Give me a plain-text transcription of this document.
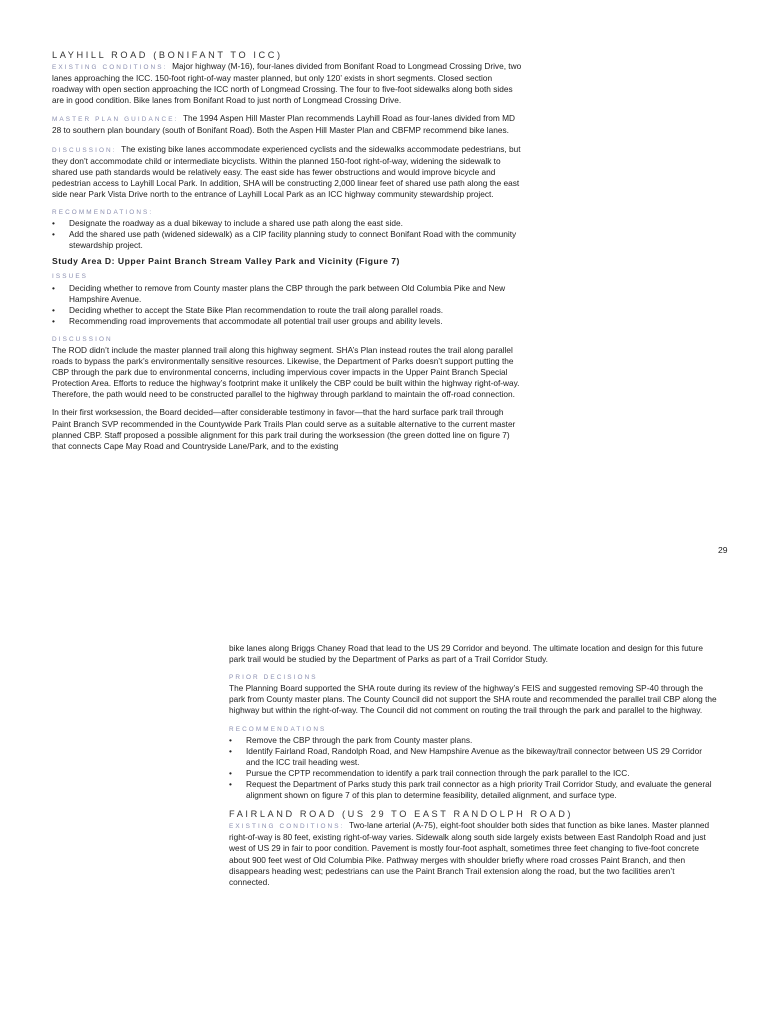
LAYHILL ROAD (BONIFANT TO ICC)

EXISTING CONDITIONS: Major highway (M-16), four-lanes divided from Bonifant Road to Longmead Crossing Drive, two lanes approaching the ICC. 150-foot right-of-way master planned, but only 120’ exists in short segments. Closed section roadway with open section approaching the ICC north of Longmead Crossing. The four to five-foot sidewalks along both sides are in good condition. Bike lanes from Bonifant Road to just north of Longmead Crossing Drive.

MASTER PLAN GUIDANCE: The 1994 Aspen Hill Master Plan recommends Layhill Road as four-lanes divided from MD 28 to southern plan boundary (south of Bonifant Road). Both the Aspen Hill Master Plan and CBFMP recommend bike lanes.

DISCUSSION: The existing bike lanes accommodate experienced cyclists and the sidewalks accommodate pedestrians, but they don’t accommodate child or intermediate bicyclists. Within the planned 150-foot right-of-way, widening the sidewalk to shared use path standards would be relatively easy. The east side has fewer obstructions and would improve bicycle and pedestrian access to Layhill Local Park. In addition, SHA will be constructing 2,000 linear feet of shared use path along the east side near Park Vista Drive north to the entrance of Layhill Local Park as an ICC highway community stewardship project.

RECOMMENDATIONS:
• Designate the roadway as a dual bikeway to include a shared use path along the east side.
• Add the shared use path (widened sidewalk) as a CIP facility planning study to connect Bonifant Road with the community stewardship project.

Study Area D: Upper Paint Branch Stream Valley Park and Vicinity (Figure 7)

ISSUES
• Deciding whether to remove from County master plans the CBP through the park between Old Columbia Pike and New Hampshire Avenue.
• Deciding whether to accept the State Bike Plan recommendation to route the trail along parallel roads.
• Recommending road improvements that accommodate all potential trail user groups and ability levels.
DISCUSSION

The ROD didn’t include the master planned trail along this highway segment. SHA’s Plan instead routes the trail along parallel roads to bypass the park’s environmentally sensitive resources. Likewise, the Department of Parks doesn’t support putting the CBP through the park due to environmental concerns, including impervious cover impacts in the Upper Paint Branch Special Protection Area. Efforts to reduce the highway’s footprint make it unlikely the CBP could be built within the highway right-of-way. Therefore, the path would need to be constructed parallel to the highway through parkland to maintain the off-road connection.

In their first worksession, the Board decided—after considerable testimony in favor—that the hard surface park trail through Paint Branch SVP recommended in the Countywide Park Trails Plan could serve as a suitable alternative to the current master planned CBP. Staff proposed a possible alignment for this park trail during the worksession (the green dotted line on figure 7) that connects Cape May Road and Countryside Lane/Park, and to the existing

29

bike lanes along Briggs Chaney Road that lead to the US 29 Corridor and beyond. The ultimate location and design for this future park trail would be studied by the Department of Parks as part of a Trail Corridor Study.

PRIOR DECISIONS

The Planning Board supported the SHA route during its review of the highway’s FEIS and suggested removing SP-40 through the park from County master plans. The County Council did not support the SHA route and recommended the parallel trail CBP along the highway but within the right-of-way. The Council did not comment on routing the trail through the park and parallel to the highway.

RECOMMENDATIONS
• Remove the CBP through the park from County master plans.
• Identify Fairland Road, Randolph Road, and New Hampshire Avenue as the bikeway/trail connector between US 29 Corridor and the ICC trail heading west.
• Pursue the CPTP recommendation to identify a park trail connection through the park parallel to the ICC.
• Request the Department of Parks study this park trail connector as a high priority Trail Corridor Study, and evaluate the general alignment shown on figure 7 of this plan to determine feasibility, detailed alignment, and surface type.

FAIRLAND ROAD (US 29 TO EAST RANDOLPH ROAD)

EXISTING CONDITIONS: Two-lane arterial (A-75), eight-foot shoulder both sides that function as bike lanes. Master planned right-of-way is 80 feet, existing right-of-way varies. Sidewalk along south side largely exists between East Randolph Road and just west of US 29 in fair to poor condition. Pavement is mostly four-foot asphalt, sometimes three feet changing to five-foot concrete about 900 feet west of Old Columbia Pike. Pathway merges with shoulder briefly where road crosses Paint Branch, and then disappears heading west; pedestrians can use the Paint Branch Trail extension along the road, but the two facilities aren’t connected.
